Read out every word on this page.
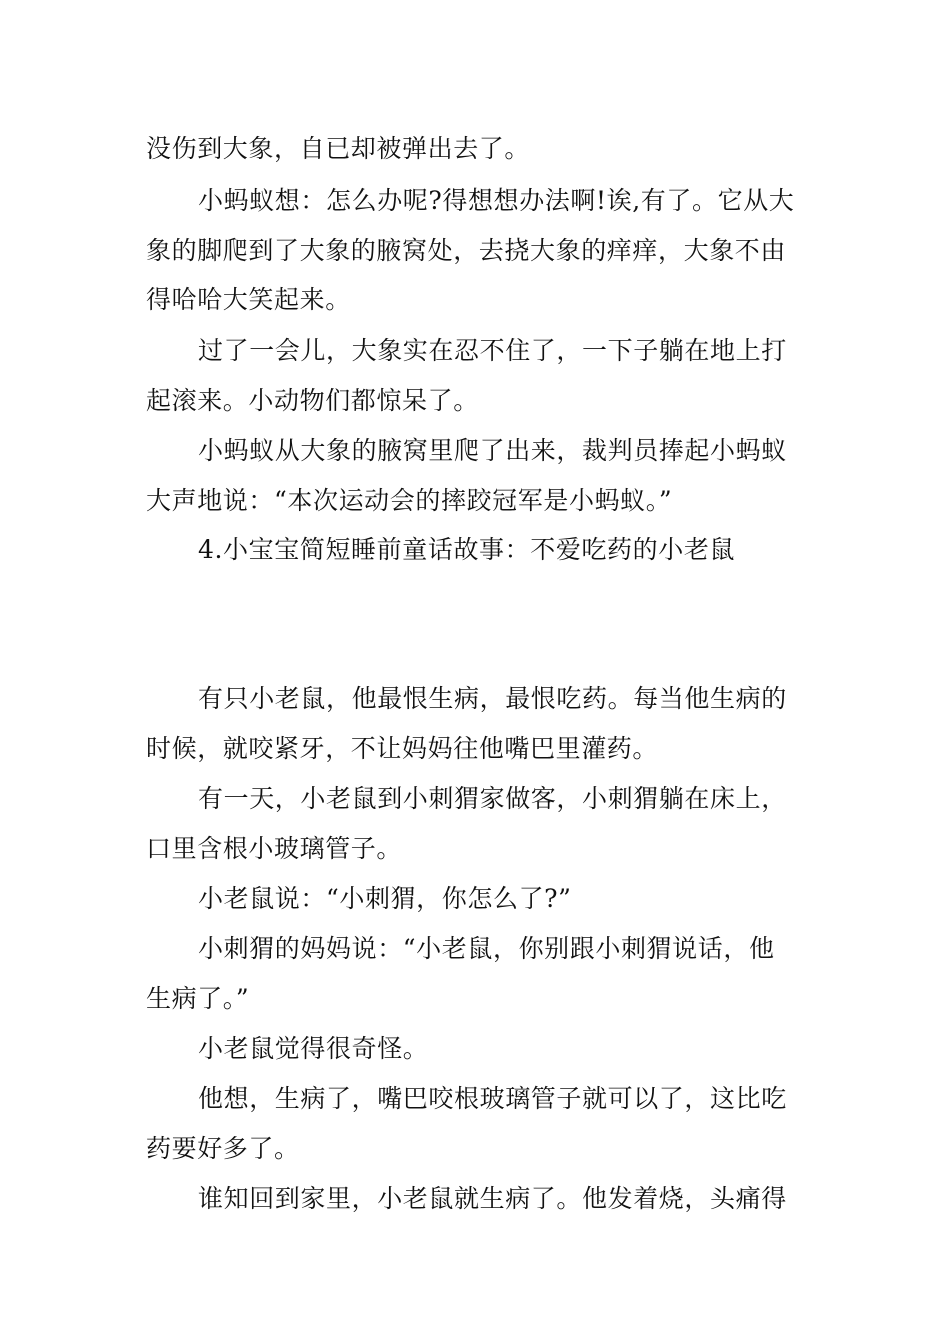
没伤到大象，自已却被弹出去了。
小蚂蚁想：怎么办呢?得想想办法啊!诶,有了。它从大
象的脚爬到了大象的腋窝处，去挠大象的痒痒，大象不由
得哈哈大笑起来。
过了一会儿，大象实在忍不住了，一下子躺在地上打
起滚来。小动物们都惊呆了。
小蚂蚁从大象的腋窝里爬了出来，裁判员捧起小蚂蚁
大声地说：“本次运动会的摔跤冠军是小蚂蚁。”
4.小宝宝简短睡前童话故事：不爱吃药的小老鼠
有只小老鼠，他最恨生病，最恨吃药。每当他生病的
时候，就咬紧牙，不让妈妈往他嘴巴里灌药。
有一天，小老鼠到小刺猬家做客，小刺猬躺在床上，
口里含根小玻璃管子。
小老鼠说：“小刺猬，你怎么了?”
小刺猬的妈妈说：“小老鼠，你别跟小刺猬说话，他
生病了。”
小老鼠觉得很奇怪。
他想，生病了，嘴巴咬根玻璃管子就可以了，这比吃
药要好多了。
谁知回到家里，小老鼠就生病了。他发着烧，头痛得
